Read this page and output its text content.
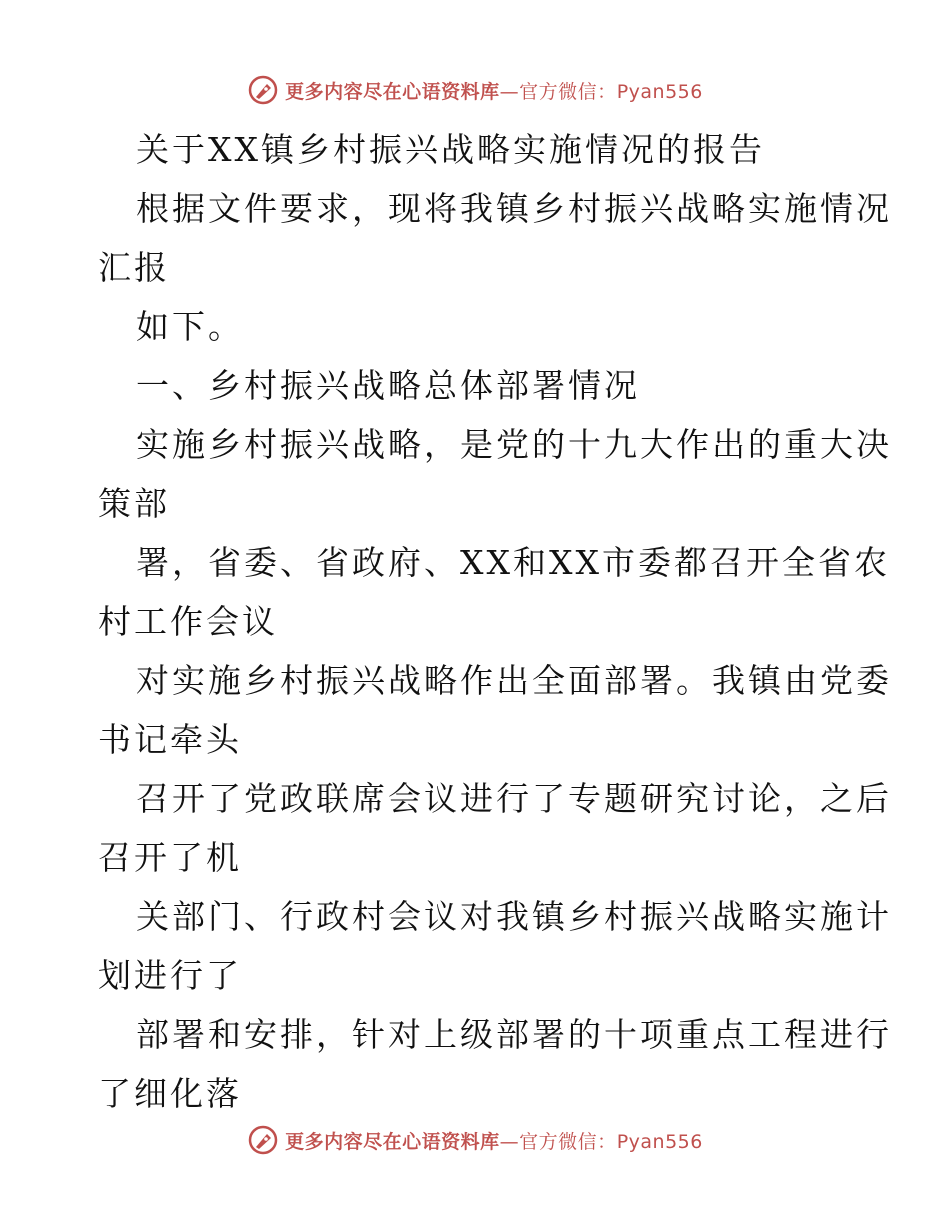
更多内容尽在心语资料库—官方微信：Pyan556
关于XX镇乡村振兴战略实施情况的报告
根据文件要求，现将我镇乡村振兴战略实施情况
汇报
如下。
一、乡村振兴战略总体部署情况
实施乡村振兴战略，是党的十九大作出的重大决
策部
署，省委、省政府、XX和XX市委都召开全省农
村工作会议
对实施乡村振兴战略作出全面部署。我镇由党委
书记牵头
召开了党政联席会议进行了专题研究讨论，之后
召开了机
关部门、行政村会议对我镇乡村振兴战略实施计
划进行了
部署和安排，针对上级部署的十项重点工程进行
了细化落
更多内容尽在心语资料库—官方微信：Pyan556
